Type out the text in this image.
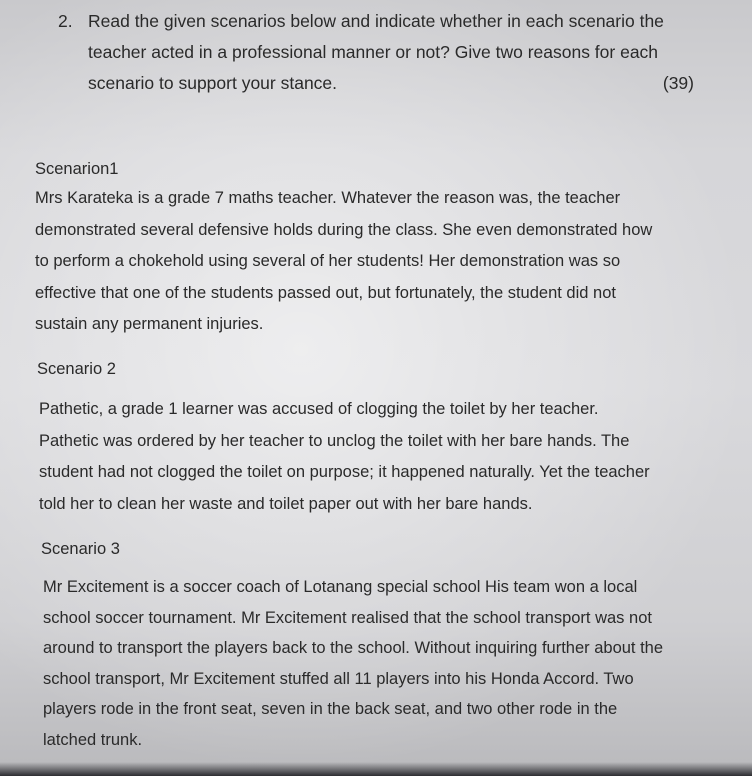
2. Read the given scenarios below and indicate whether in each scenario the
teacher acted in a professional manner or not? Give two reasons for each
scenario to support your stance.	(39)
Scenarion1
Mrs Karateka is a grade 7 maths teacher. Whatever the reason was, the teacher
demonstrated several defensive holds during the class. She even demonstrated how
to perform a chokehold using several of her students! Her demonstration was so
effective that one of the students passed out, but fortunately, the student did not
sustain any permanent injuries.
Scenario 2
Pathetic, a grade 1 learner was accused of clogging the toilet by her teacher.
Pathetic was ordered by her teacher to unclog the toilet with her bare hands. The
student had not clogged the toilet on purpose; it happened naturally. Yet the teacher
told her to clean her waste and toilet paper out with her bare hands.
Scenario 3
Mr Excitement is a soccer coach of Lotanang special school His team won a local
school soccer tournament. Mr Excitement realised that the school transport was not
around to transport the players back to the school. Without inquiring further about the
school transport, Mr Excitement stuffed all 11 players into his Honda Accord. Two
players rode in the front seat, seven in the back seat, and two other rode in the
latched trunk.
